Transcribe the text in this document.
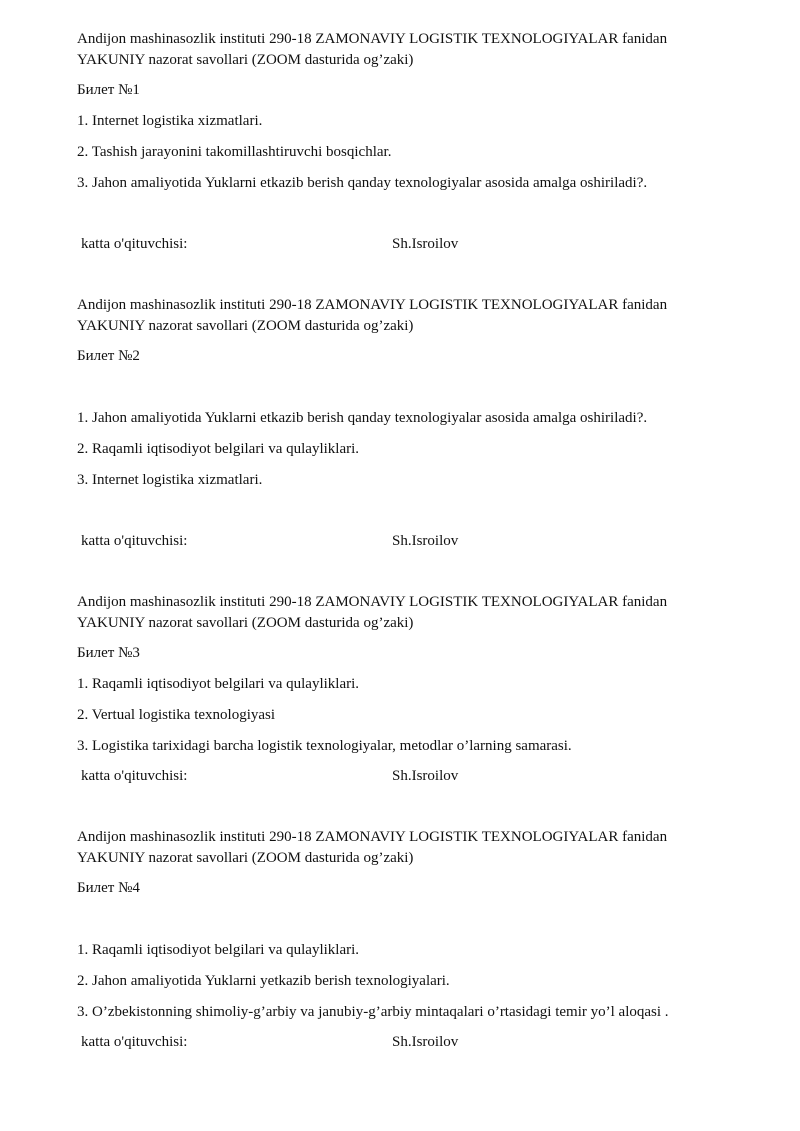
Andijon mashinasozlik instituti 290-18 ZAMONAVIY LOGISTIK TEXNOLOGIYALAR fanidan
YAKUNIY nazorat savollari (ZOOM dasturida og’zaki)
Билет №1
1. Internet logistika xizmatlari.
2. Tashish jarayonini takomillashtiruvchi bosqichlar.
3. Jahon amaliyotida Yuklarni etkazib berish qanday texnologiyalar asosida amalga oshiriladi?.
katta o'qituvchisi:	Sh.Isroilov
Andijon mashinasozlik instituti 290-18 ZAMONAVIY LOGISTIK TEXNOLOGIYALAR fanidan
YAKUNIY nazorat savollari (ZOOM dasturida og’zaki)
Билет №2
1. Jahon amaliyotida Yuklarni etkazib berish qanday texnologiyalar asosida amalga oshiriladi?.
2. Raqamli iqtisodiyot belgilari va qulayliklari.
3. Internet logistika xizmatlari.
katta o'qituvchisi:	Sh.Isroilov
Andijon mashinasozlik instituti 290-18 ZAMONAVIY LOGISTIK TEXNOLOGIYALAR fanidan
YAKUNIY nazorat savollari (ZOOM dasturida og’zaki)
Билет №3
1. Raqamli iqtisodiyot belgilari va qulayliklari.
2. Vertual logistika texnologiyasi
3. Logistika tarixidagi barcha logistik texnologiyalar, metodlar o’larning samarasi.
katta o'qituvchisi:	Sh.Isroilov
Andijon mashinasozlik instituti 290-18 ZAMONAVIY LOGISTIK TEXNOLOGIYALAR fanidan
YAKUNIY nazorat savollari (ZOOM dasturida og’zaki)
Билет №4
1. Raqamli iqtisodiyot belgilari va qulayliklari.
2. Jahon amaliyotida Yuklarni yetkazib berish texnologiyalari.
3. O’zbekistonning shimoliy-g’arbiy va janubiy-g’arbiy mintaqalari o’rtasidagi temir yo’l aloqasi .
katta o'qituvchisi:	Sh.Isroilov
